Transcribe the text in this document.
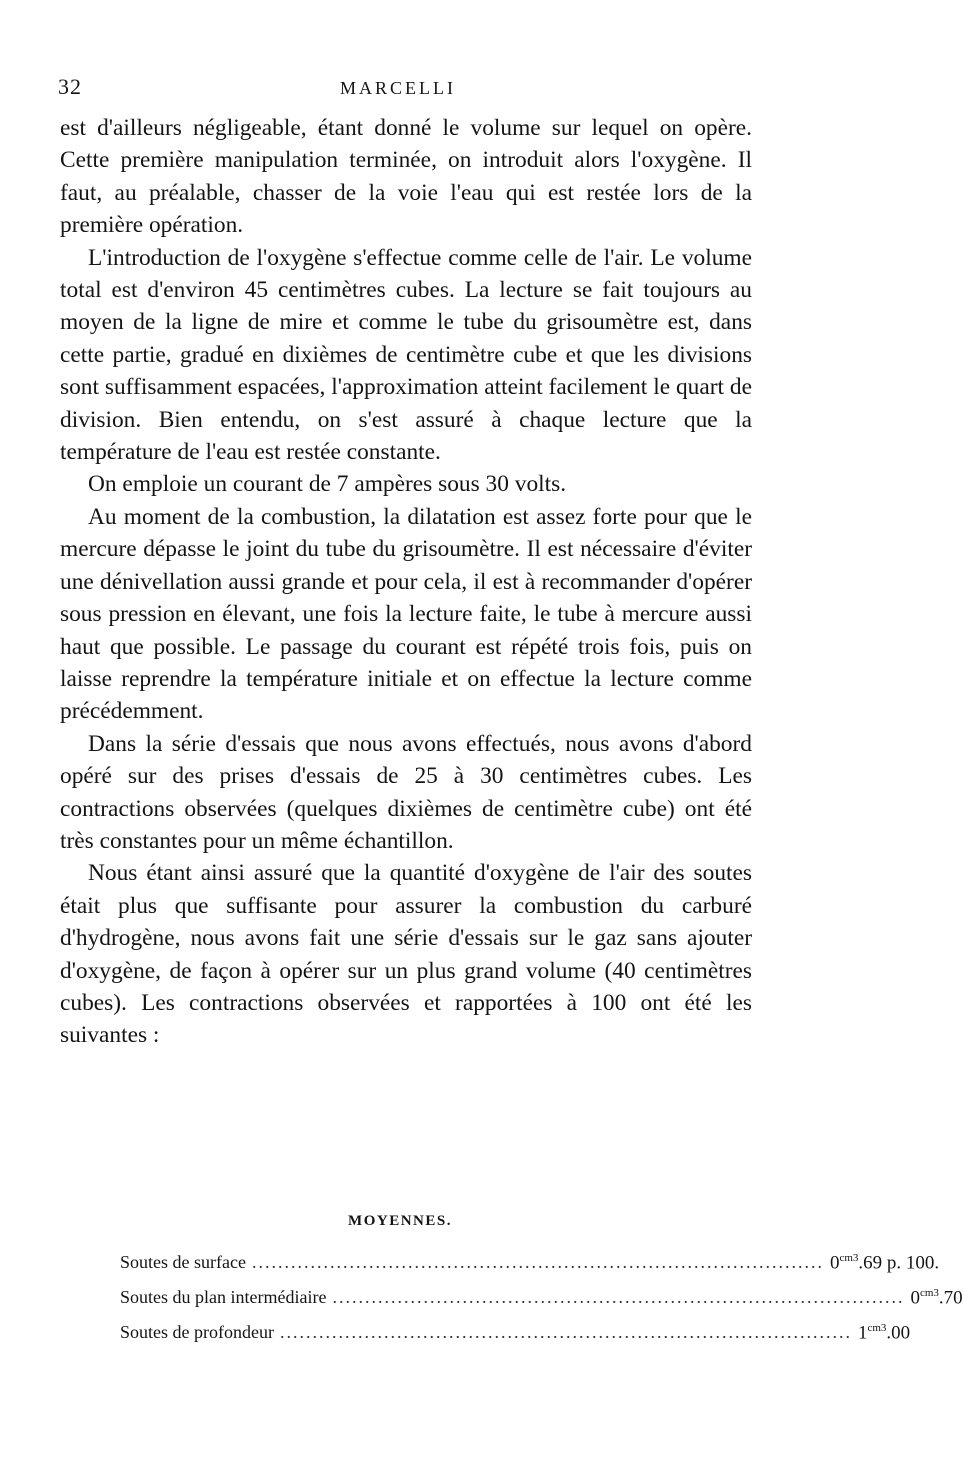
32	MARCELLI

est d'ailleurs négligeable, étant donné le volume sur lequel on opère. Cette première manipulation terminée, on introduit alors l'oxygène. Il faut, au préalable, chasser de la voie l'eau qui est restée lors de la première opération.

L'introduction de l'oxygène s'effectue comme celle de l'air. Le volume total est d'environ 45 centimètres cubes. La lecture se fait toujours au moyen de la ligne de mire et comme le tube du grisoumètre est, dans cette partie, gradué en dixièmes de centimètre cube et que les divisions sont suffisamment espacées, l'approximation atteint facilement le quart de division. Bien entendu, on s'est assuré à chaque lecture que la température de l'eau est restée constante.

On emploie un courant de 7 ampères sous 30 volts.

Au moment de la combustion, la dilatation est assez forte pour que le mercure dépasse le joint du tube du grisoumètre. Il est nécessaire d'éviter une dénivellation aussi grande et pour cela, il est à recommander d'opérer sous pression en élevant, une fois la lecture faite, le tube à mercure aussi haut que possible. Le passage du courant est répété trois fois, puis on laisse reprendre la température initiale et on effectue la lecture comme précédemment.

Dans la série d'essais que nous avons effectués, nous avons d'abord opéré sur des prises d'essais de 25 à 30 centimètres cubes. Les contractions observées (quelques dixièmes de centimètre cube) ont été très constantes pour un même échantillon.

Nous étant ainsi assuré que la quantité d'oxygène de l'air des soutes était plus que suffisante pour assurer la combustion du carburé d'hydrogène, nous avons fait une série d'essais sur le gaz sans ajouter d'oxygène, de façon à opérer sur un plus grand volume (40 centimètres cubes). Les contractions observées et rapportées à 100 ont été les suivantes :

MOYENNES.
Soutes de surface ........................................................................................ $0^{cm3}.69$ p. 100.
Soutes du plan intermédiaire ........................................................................................ $0^{cm3}.70$
Soutes de profondeur ........................................................................................ $1^{cm3}.00$
